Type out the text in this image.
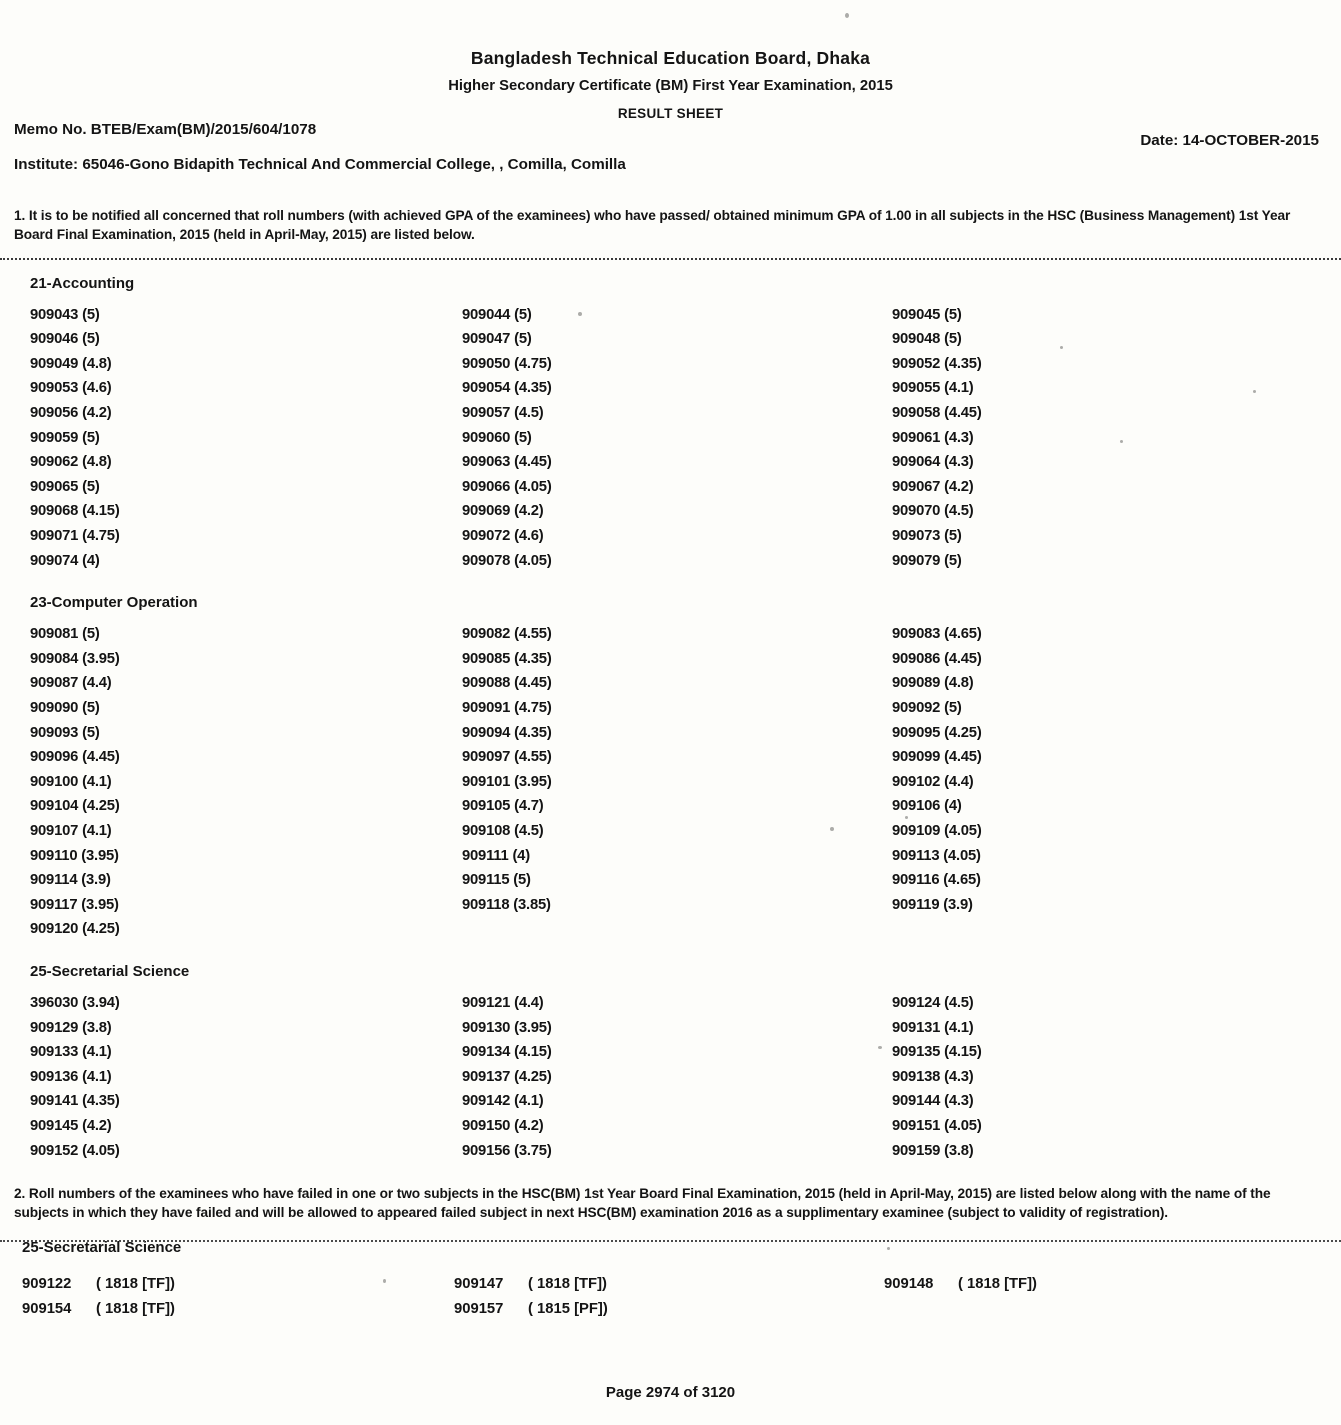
Bangladesh Technical Education Board, Dhaka
Higher Secondary Certificate (BM) First Year Examination, 2015
RESULT SHEET
Memo No. BTEB/Exam(BM)/2015/604/1078
Date: 14-OCTOBER-2015
Institute: 65046-Gono Bidapith Technical And Commercial College, , Comilla, Comilla

1. It is to be notified all concerned that roll numbers (with achieved GPA of the examinees) who have passed/ obtained minimum GPA of 1.00 in all subjects in the HSC (Business Management) 1st Year Board Final Examination, 2015 (held in April-May, 2015) are listed below.

21-Accounting
909043 (5)
909046 (5)
909049 (4.8)
909053 (4.6)
909056 (4.2)
909059 (5)
909062 (4.8)
909065 (5)
909068 (4.15)
909071 (4.75)
909074 (4)
909044 (5)
909047 (5)
909050 (4.75)
909054 (4.35)
909057 (4.5)
909060 (5)
909063 (4.45)
909066 (4.05)
909069 (4.2)
909072 (4.6)
909078 (4.05)
909045 (5)
909048 (5)
909052 (4.35)
909055 (4.1)
909058 (4.45)
909061 (4.3)
909064 (4.3)
909067 (4.2)
909070 (4.5)
909073 (5)
909079 (5)
23-Computer Operation
909081 (5)
909084 (3.95)
909087 (4.4)
909090 (5)
909093 (5)
909096 (4.45)
909100 (4.1)
909104 (4.25)
909107 (4.1)
909110 (3.95)
909114 (3.9)
909117 (3.95)
909120 (4.25)
909082 (4.55)
909085 (4.35)
909088 (4.45)
909091 (4.75)
909094 (4.35)
909097 (4.55)
909101 (3.95)
909105 (4.7)
909108 (4.5)
909111 (4)
909115 (5)
909118 (3.85)
909083 (4.65)
909086 (4.45)
909089 (4.8)
909092 (5)
909095 (4.25)
909099 (4.45)
909102 (4.4)
909106 (4)
909109 (4.05)
909113 (4.05)
909116 (4.65)
909119 (3.9)
25-Secretarial Science
396030 (3.94)
909129 (3.8)
909133 (4.1)
909136 (4.1)
909141 (4.35)
909145 (4.2)
909152 (4.05)
909121 (4.4)
909130 (3.95)
909134 (4.15)
909137 (4.25)
909142 (4.1)
909150 (4.2)
909156 (3.75)
909124 (4.5)
909131 (4.1)
909135 (4.15)
909138 (4.3)
909144 (4.3)
909151 (4.05)
909159 (3.8)

2. Roll numbers of the examinees who have failed in one or two subjects in the HSC(BM) 1st Year Board Final Examination, 2015 (held in April-May, 2015) are listed below along with the name of the subjects in which they have failed and will be allowed to appeared failed subject in next HSC(BM) examination 2016 as a supplimentary examinee (subject to validity of registration).

25-Secretarial Science
909122 ( 1818 [TF])
909154 ( 1818 [TF])
909147 ( 1818 [TF])
909157 ( 1815 [PF])
909148 ( 1818 [TF])
Page 2974 of 3120
